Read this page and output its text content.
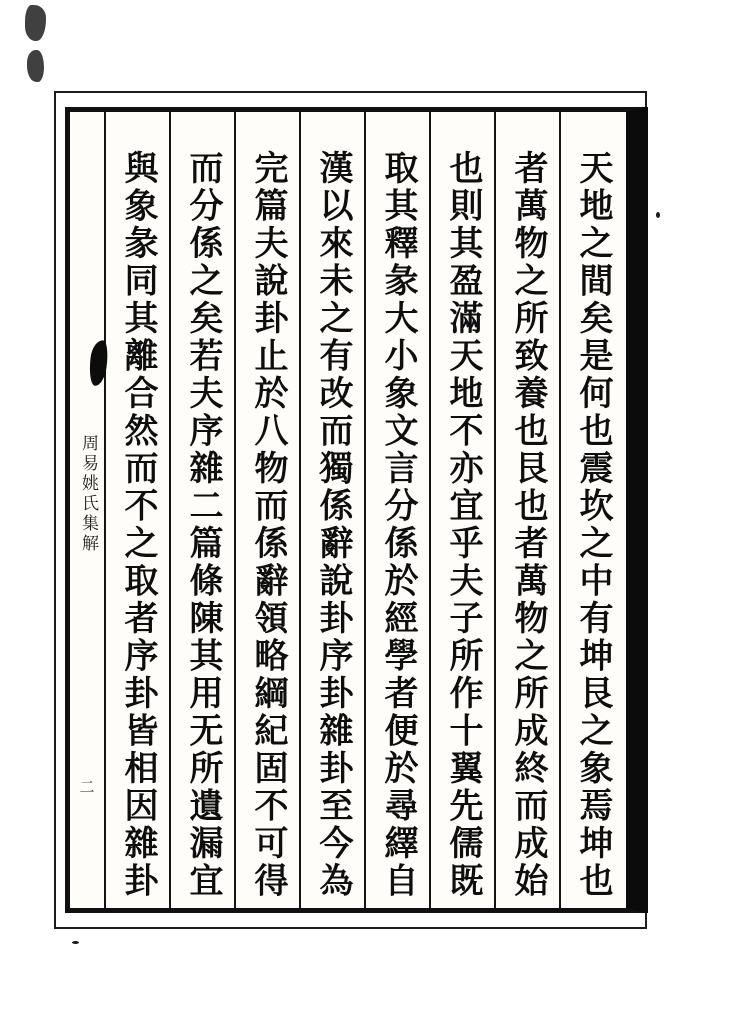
周易姚氏集解
二 與象彖同其離合然而不之取者序卦皆相因雜卦 而分係之矣若夫序雜二篇條陳其用无所遺漏宜 完篇夫說卦止於八物而係辭領略綱紀固不可得 漢以來未之有改而獨係辭說卦序卦雜卦至今為 取其釋彖大小象文言分係於經學者便於尋繹自 也則其盈滿天地不亦宜乎夫子所作十翼先儒既 者萬物之所致養也艮也者萬物之所成終而成始 天地之間矣是何也震坎之中有坤艮之象焉坤也
